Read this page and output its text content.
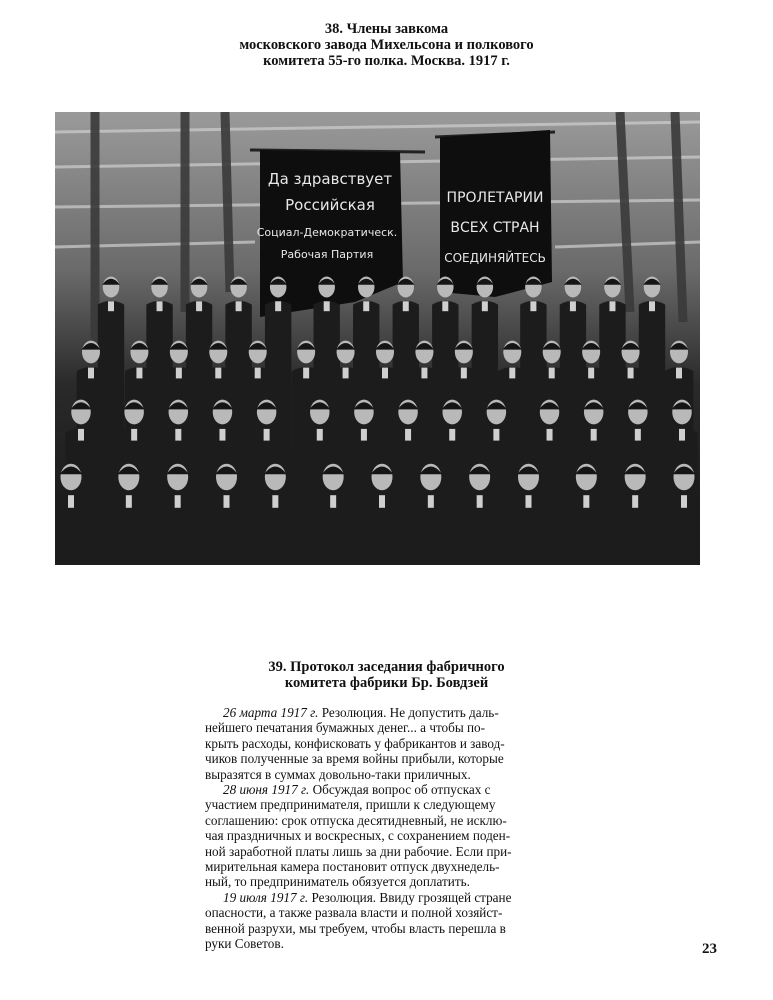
38. Члены завкома
московского завода Михельсона и полкового
комитета 55-го полка. Москва. 1917 г.
Да здравствует
Российская
Социал-Демократическ.
Рабочая Партия
ПРОЛЕТАРИИ
ВСЕХ СТРАН
СОЕДИНЯЙТЕСЬ
39. Протокол заседания фабричного
комитета фабрики Бр. Бовдзей
26 марта 1917 г. Резолюция. Не допустить даль-
нейшего печатания бумажных денег... а чтобы по-
крыть расходы, конфисковать у фабрикантов и завод-
чиков полученные за время войны прибыли, которые
выразятся в суммах довольно-таки приличных.
28 июня 1917 г. Обсуждая вопрос об отпусках с
участием предпринимателя, пришли к следующему
соглашению: срок отпуска десятидневный, не исклю-
чая праздничных и воскресных, с сохранением поден-
ной заработной платы лишь за дни рабочие. Если при-
мирительная камера постановит отпуск двухнедель-
ный, то предприниматель обязуется доплатить.
19 июля 1917 г. Резолюция. Ввиду грозящей стране
опасности, а также развала власти и полной хозяйст-
венной разрухи, мы требуем, чтобы власть перешла в
руки Советов.	23
